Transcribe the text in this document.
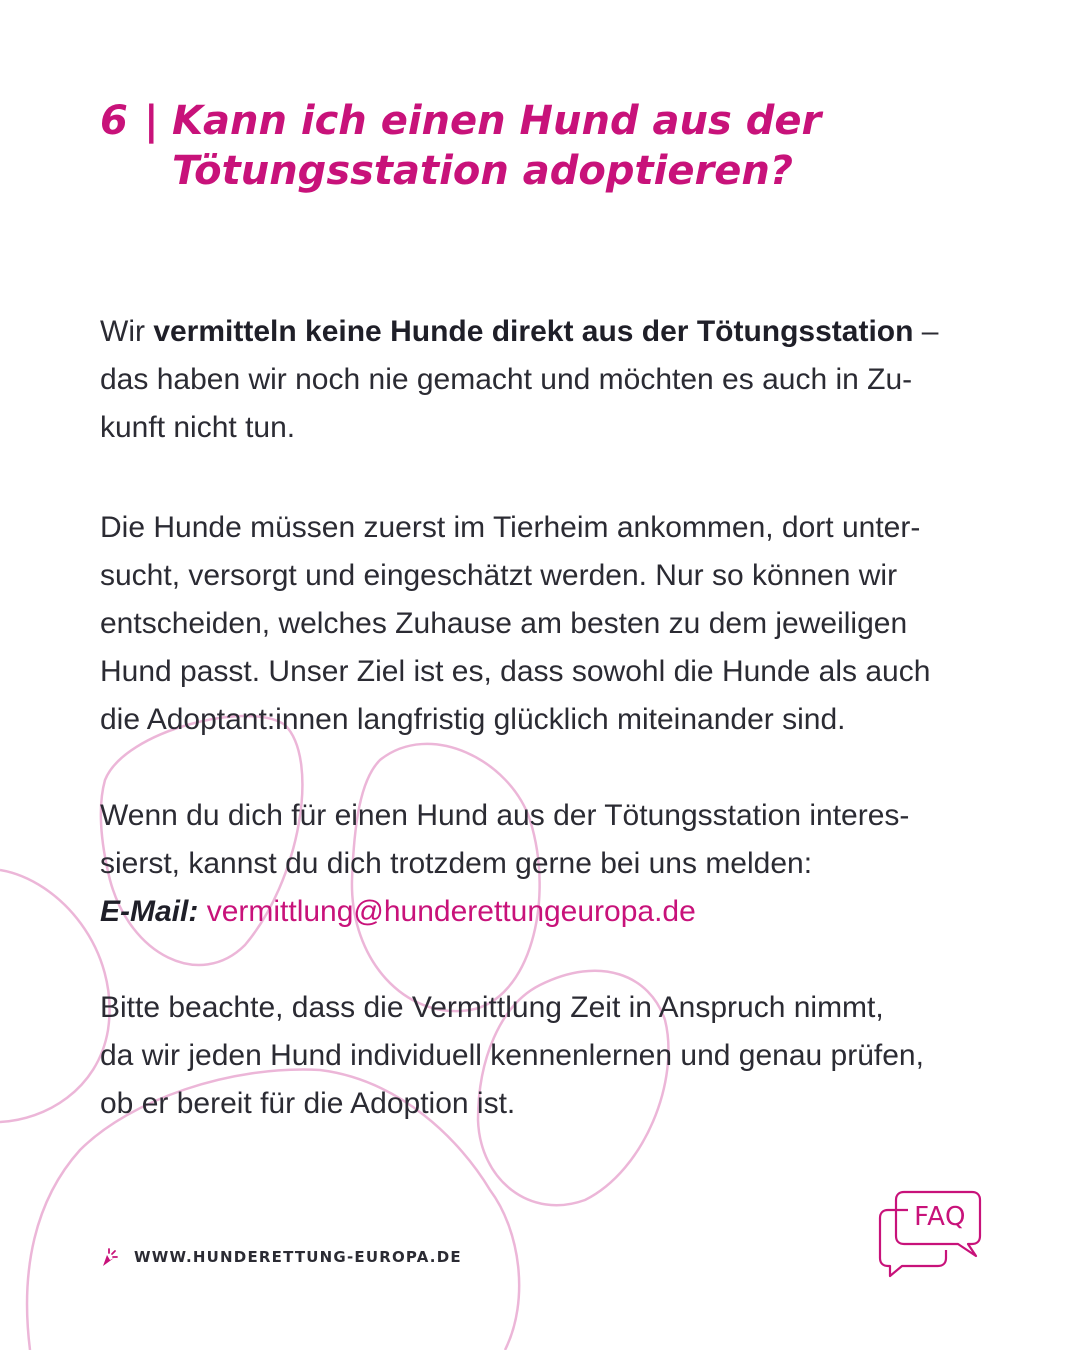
6 | Kann ich einen Hund aus der
Tötungsstation adoptieren?

Wir vermitteln keine Hunde direkt aus der Tötungsstation –
das haben wir noch nie gemacht und möchten es auch in Zu-
kunft nicht tun.

Die Hunde müssen zuerst im Tierheim ankommen, dort unter-
sucht, versorgt und eingeschätzt werden. Nur so können wir
entscheiden, welches Zuhause am besten zu dem jeweiligen
Hund passt. Unser Ziel ist es, dass sowohl die Hunde als auch
die Adoptant:innen langfristig glücklich miteinander sind.

Wenn du dich für einen Hund aus der Tötungsstation interes-
sierst, kannst du dich trotzdem gerne bei uns melden:

E-Mail: vermittlung@hunderettungeuropa.de

Bitte beachte, dass die Vermittlung Zeit in Anspruch nimmt,
da wir jeden Hund individuell kennenlernen und genau prüfen,
ob er bereit für die Adoption ist.

WWW.HUNDERETTUNG-EUROPA.DE
FAQ
